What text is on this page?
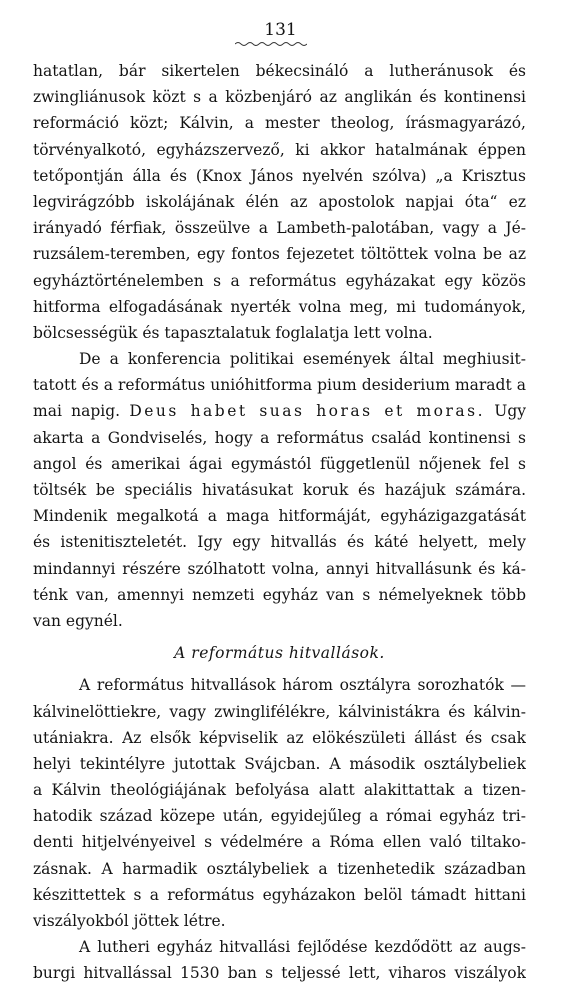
131
hatatlan, bár sikertelen békecsináló a lutheránusok és
zwingliánusok közt s a közbenjáró az anglikán és kontinensi
reformáció közt; Kálvin, a mester theolog, írásmagyarázó,
törvényalkotó, egyházszervező, ki akkor hatalmának éppen
tetőpontján álla és (Knox János nyelvén szólva) „a Krisztus
legvirágzóbb iskolájának élén az apostolok napjai óta“ ez
irányadó férfiak, összeülve a Lambeth-palotában, vagy a Jé-
ruzsálem-teremben, egy fontos fejezetet töltöttek volna be az
egyháztörténelemben s a református egyházakat egy közös
hitforma elfogadásának nyerték volna meg, mi tudományok,
bölcsességük és tapasztalatuk foglalatja lett volna.
De a konferencia politikai események által meghiusit-
tatott és a református unióhitforma pium desiderium maradt a
mai napig. Deus habet suas horas et moras. Ugy
akarta a Gondviselés, hogy a református család kontinensi s
angol és amerikai ágai egymástól függetlenül nőjenek fel s
töltsék be speciális hivatásukat koruk és hazájuk számára.
Mindenik megalkotá a maga hitformáját, egyházigazgatását
és istenitiszteletét. Igy egy hitvallás és káté helyett, mely
mindannyi részére szólhatott volna, annyi hitvallásunk és ká-
ténk van, amennyi nemzeti egyház van s némelyeknek több
van egynél.
A református hitvallások.
A református hitvallások három osztályra sorozhatók —
kálvinelöttiekre, vagy zwinglifélékre, kálvinistákra és kálvin-
utániakra. Az elsők képviselik az elökészületi állást és csak
helyi tekintélyre jutottak Svájcban. A második osztálybeliek
a Kálvin theológiájának befolyása alatt alakittattak a tizen-
hatodik század közepe után, egyidejűleg a római egyház tri-
denti hitjelvényeivel s védelmére a Róma ellen való tiltako-
zásnak. A harmadik osztálybeliek a tizenhetedik században
készittettek s a református egyházakon belöl támadt hittani
viszályokból jöttek létre.
A lutheri egyház hitvallási fejlődése kezdődött az augs-
burgi hitvallással 1530 ban s teljessé lett, viharos viszályok
